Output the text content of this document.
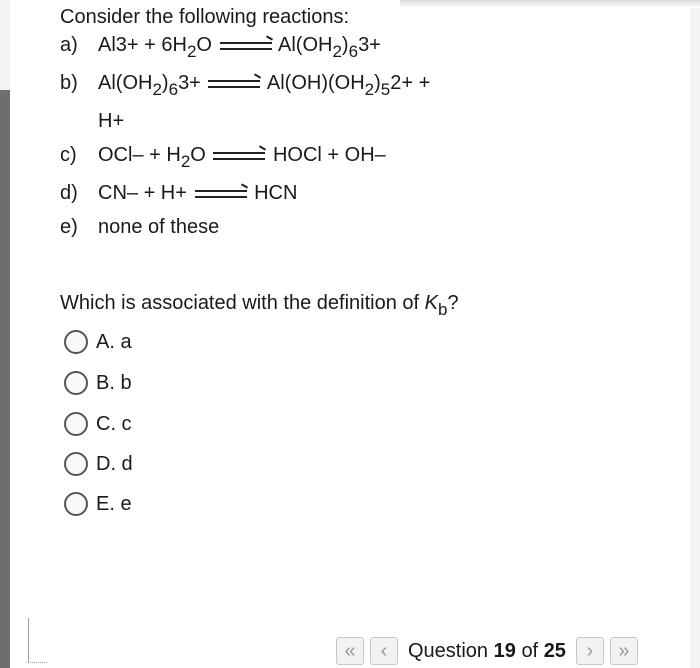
Consider the following reactions:
a) $Al3+ + 6H_2O$	$Al(OH_2)_63+$
b) $Al(OH_2)_63+$	$Al(OH)(OH_2)_52+$ +
H+
c) $OCl- + H_2O$	HOCl + OH–
d) CN– + H+	HCN
e) none of these
Which is associated with the definition of $K_b$?
A. a
B. b
C. c
D. d
E. e
«	‹	Question 19 of 25	›	»
